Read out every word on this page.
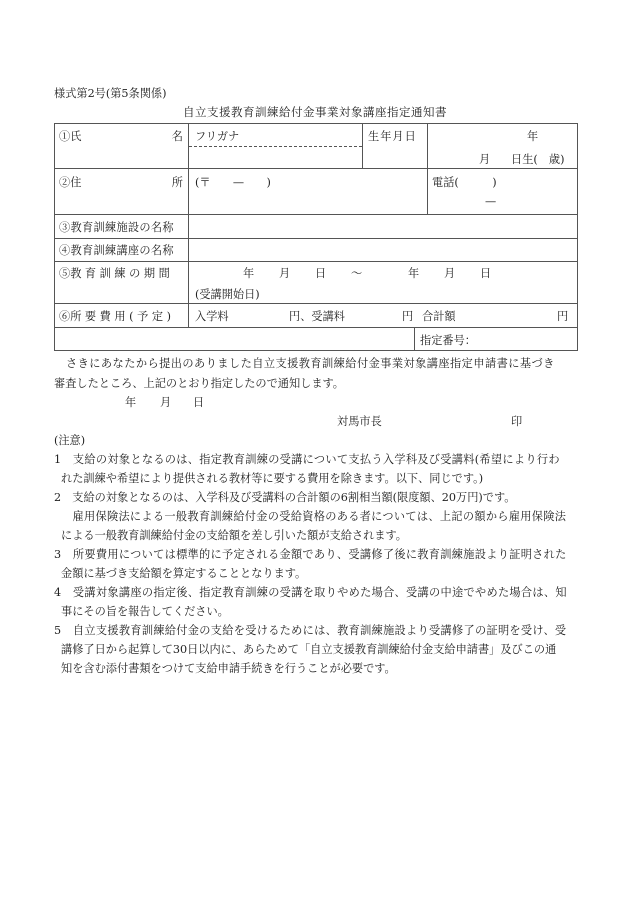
様式第2号(第5条関係)
自立支援教育訓練給付金事業対象講座指定通知書
①氏	名 フリガナ	生年月日	年
月 日生(　歳)
②住	所 (〒　　—　　)	電話(　　　)
—
③教育訓練施設の名称
④教育訓練講座の名称
⑤教 育 訓 練 の 期 間	年 月 日 ～	年 月 日
(受講開始日)
⑥所 要 費 用 ( 予 定 ) 入学料	円、受講料	円 合計額	円
指定番号：
さきにあなたから提出のありました自立支援教育訓練給付金事業対象講座指定申請書に基づき
審査したところ、上記のとおり指定したので通知します。
年 月 日
対馬市長	印
(注意)
1　支給の対象となるのは、指定教育訓練の受講について支払う入学科及び受講料(希望により行わ
れた訓練や希望により提供される教材等に要する費用を除きます。以下、同じです。)
2　支給の対象となるのは、入学科及び受講料の合計額の6割相当額(限度額、20万円)です。
　雇用保険法による一般教育訓練給付金の受給資格のある者については、上記の額から雇用保険法
による一般教育訓練給付金の支給額を差し引いた額が支給されます。
3　所要費用については標準的に予定される金額であり、受講修了後に教育訓練施設より証明された
金額に基づき支給額を算定することとなります。
4　受講対象講座の指定後、指定教育訓練の受講を取りやめた場合、受講の中途でやめた場合は、知
事にその旨を報告してください。
5　自立支援教育訓練給付金の支給を受けるためには、教育訓練施設より受講修了の証明を受け、受
講修了日から起算して30日以内に、あらためて「自立支援教育訓練給付金支給申請書」及びこの通
知を含む添付書類をつけて支給申請手続きを行うことが必要です。
